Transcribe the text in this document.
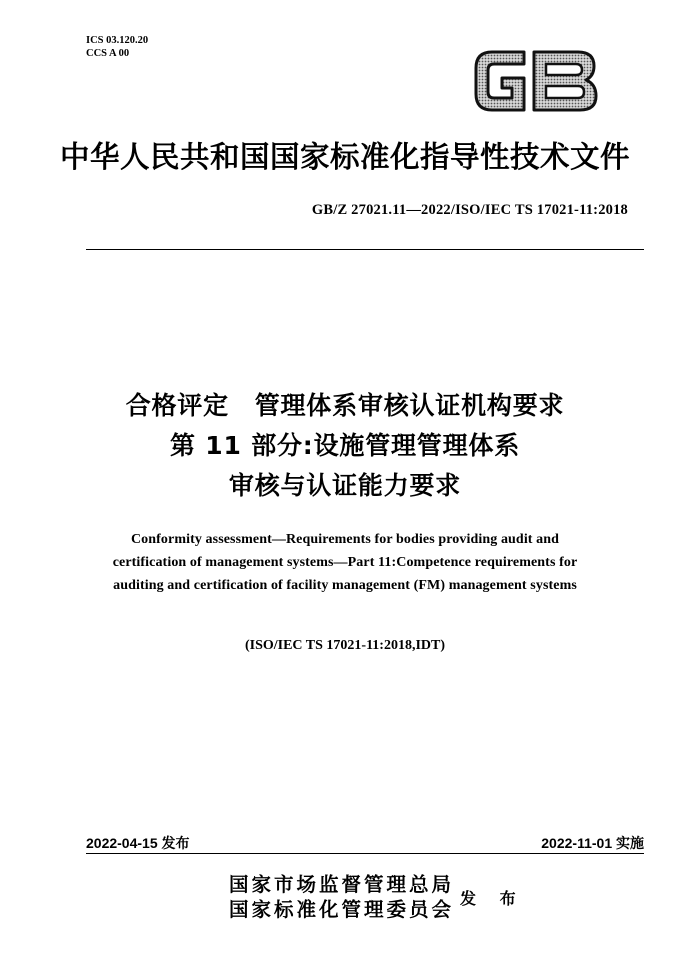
ICS 03.120.20
CCS A 00
中华人民共和国国家标准化指导性技术文件
GB/Z 27021.11—2022/ISO/IEC TS 17021-11:2018
合格评定　管理体系审核认证机构要求
第 11 部分:设施管理管理体系
审核与认证能力要求
Conformity assessment—Requirements for bodies providing audit and
certification of management systems—Part 11:Competence requirements for
auditing and certification of facility management (FM) management systems
(ISO/IEC TS 17021-11:2018,IDT)
2022-04-15 发布	2022-11-01 实施
国家市场监督管理总局
国家标准化管理委员会 发 布
